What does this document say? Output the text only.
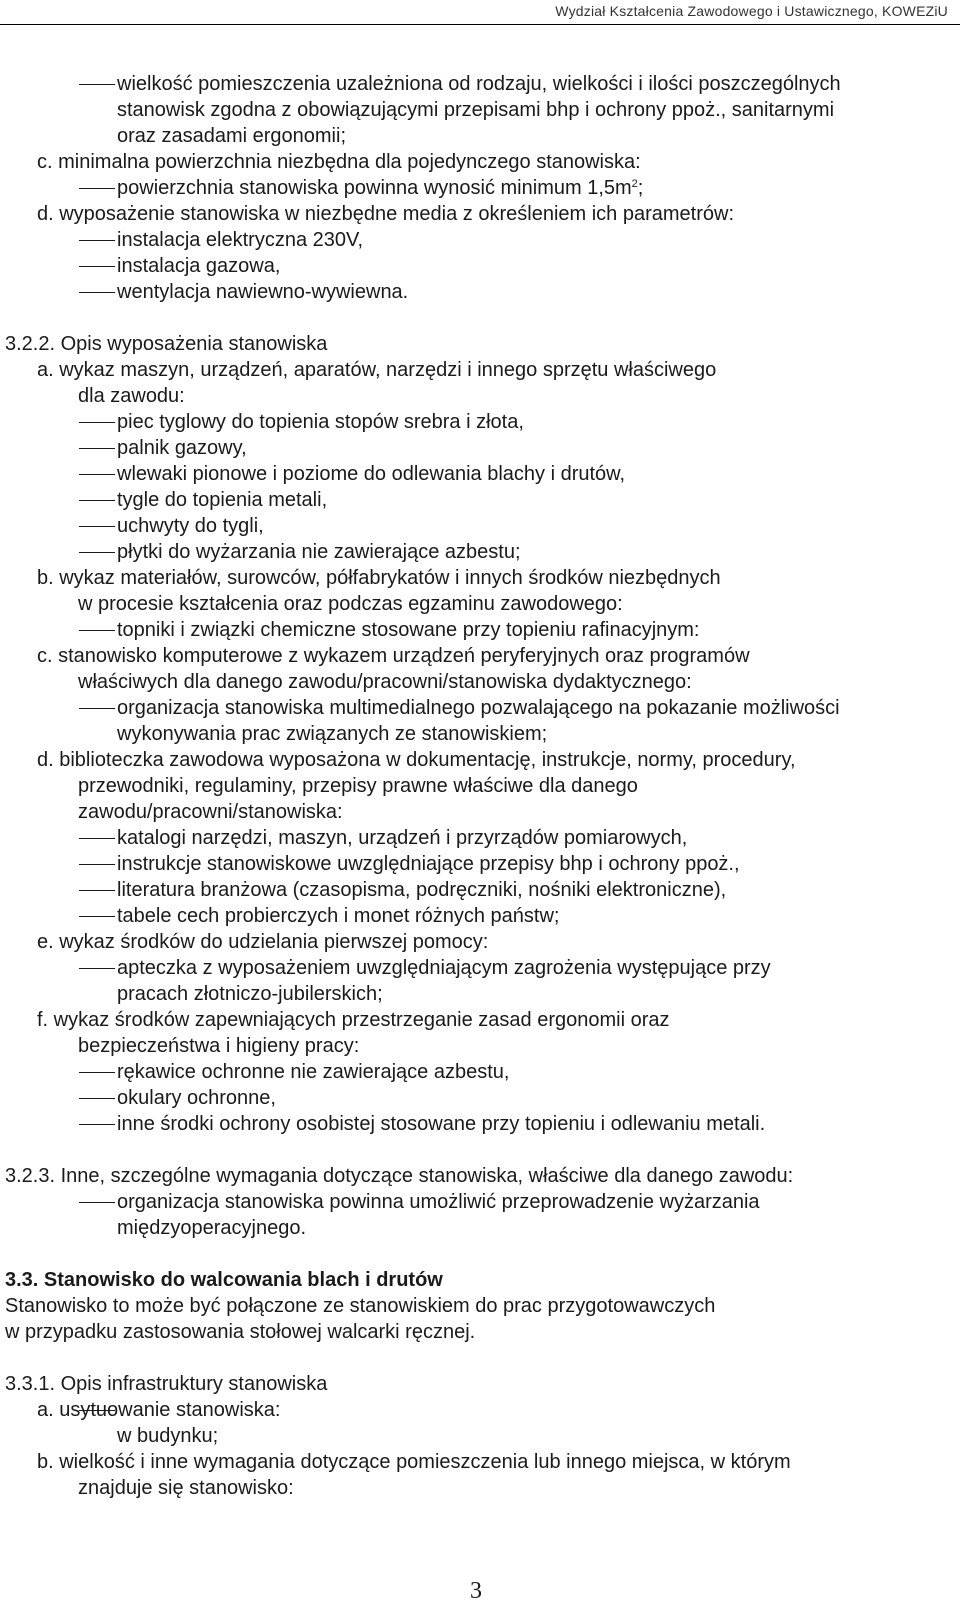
Wydział Kształcenia Zawodowego i Ustawicznego, KOWEZiU
wielkość pomieszczenia uzależniona od rodzaju, wielkości i ilości poszczególnych
stanowisk zgodna z obowiązującymi przepisami bhp i ochrony ppoż., sanitarnymi
oraz zasadami ergonomii;
c. minimalna powierzchnia niezbędna dla pojedynczego stanowiska:
powierzchnia stanowiska powinna wynosić minimum $1,5m^2$;
d. wyposażenie stanowiska w niezbędne media z określeniem ich parametrów:
instalacja elektryczna 230V,
instalacja gazowa,
wentylacja nawiewno-wywiewna.
3.2.2. Opis wyposażenia stanowiska
a. wykaz maszyn, urządzeń, aparatów, narzędzi i innego sprzętu właściwego
dla zawodu:
piec tyglowy do topienia stopów srebra i złota,
palnik gazowy,
wlewaki pionowe i poziome do odlewania blachy i drutów,
tygle do topienia metali,
uchwyty do tygli,
płytki do wyżarzania nie zawierające azbestu;
b. wykaz materiałów, surowców, półfabrykatów i innych środków niezbędnych
w procesie kształcenia oraz podczas egzaminu zawodowego:
topniki i związki chemiczne stosowane przy topieniu rafinacyjnym:
c. stanowisko komputerowe z wykazem urządzeń peryferyjnych oraz programów
właściwych dla danego zawodu/pracowni/stanowiska dydaktycznego:
organizacja stanowiska multimedialnego pozwalającego na pokazanie możliwości
wykonywania prac związanych ze stanowiskiem;
d. biblioteczka zawodowa wyposażona w dokumentację, instrukcje, normy, procedury,
przewodniki, regulaminy, przepisy prawne właściwe dla danego
zawodu/pracowni/stanowiska:
katalogi narzędzi, maszyn, urządzeń i przyrządów pomiarowych,
instrukcje stanowiskowe uwzględniające przepisy bhp i ochrony ppoż.,
literatura branżowa (czasopisma, podręczniki, nośniki elektroniczne),
tabele cech probierczych i monet różnych państw;
e. wykaz środków do udzielania pierwszej pomocy:
apteczka z wyposażeniem uwzględniającym zagrożenia występujące przy
pracach złotniczo-jubilerskich;
f. wykaz środków zapewniających przestrzeganie zasad ergonomii oraz
bezpieczeństwa i higieny pracy:
rękawice ochronne nie zawierające azbestu,
okulary ochronne,
inne środki ochrony osobistej stosowane przy topieniu i odlewaniu metali.
3.2.3. Inne, szczególne wymagania dotyczące stanowiska, właściwe dla danego zawodu:
organizacja stanowiska powinna umożliwić przeprowadzenie wyżarzania
międzyoperacyjnego.
3.3. Stanowisko do walcowania blach i drutów
Stanowisko to może być połączone ze stanowiskiem do prac przygotowawczych
w przypadku zastosowania stołowej walcarki ręcznej.
3.3.1. Opis infrastruktury stanowiska
a. usytuowanie stanowiska:
w budynku;
b. wielkość i inne wymagania dotyczące pomieszczenia lub innego miejsca, w którym
znajduje się stanowisko:
3
